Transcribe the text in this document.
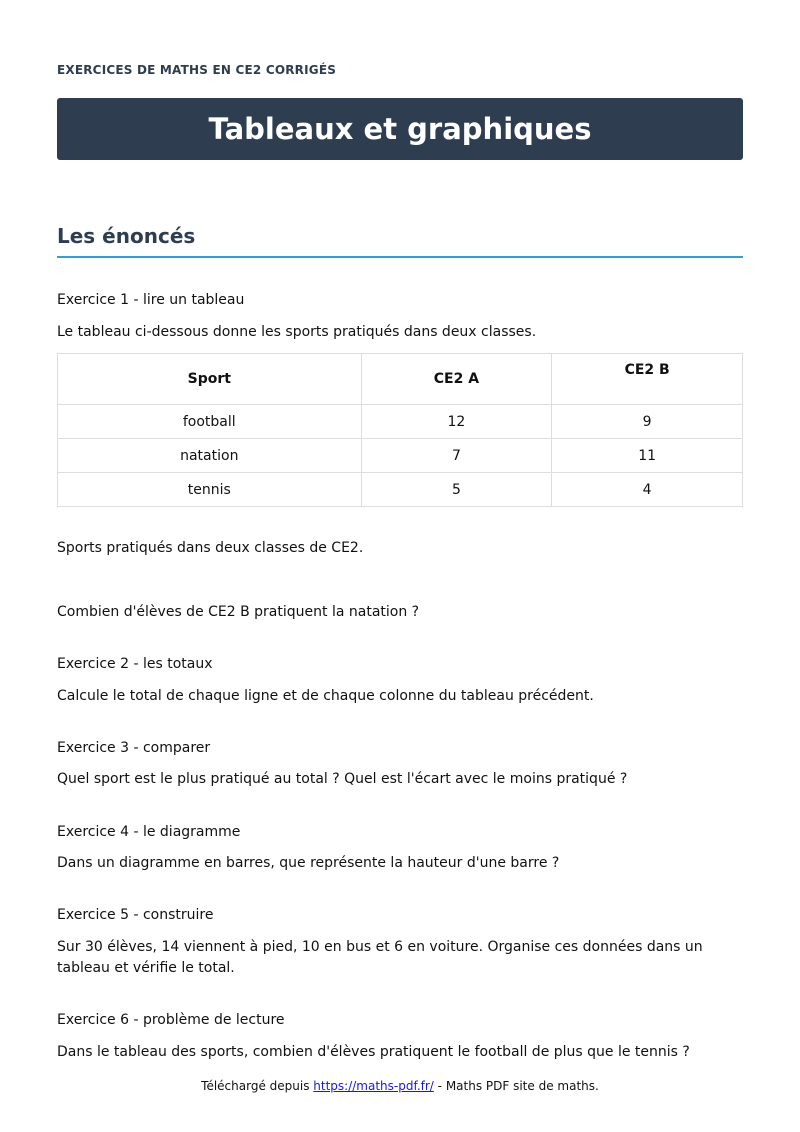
EXERCICES DE MATHS EN CE2 CORRIGÉS
Tableaux et graphiques
Les énoncés
Exercice 1 - lire un tableau
Le tableau ci-dessous donne les sports pratiqués dans deux classes.
Sport	CE2 A	CE2 B
football	12	9
natation	7	11
tennis	5	4
Sports pratiqués dans deux classes de CE2.
Combien d'élèves de CE2 B pratiquent la natation ?
Exercice 2 - les totaux
Calcule le total de chaque ligne et de chaque colonne du tableau précédent.
Exercice 3 - comparer
Quel sport est le plus pratiqué au total ? Quel est l'écart avec le moins pratiqué ?
Exercice 4 - le diagramme
Dans un diagramme en barres, que représente la hauteur d'une barre ?
Exercice 5 - construire
Sur 30 élèves, 14 viennent à pied, 10 en bus et 6 en voiture. Organise ces données dans un
tableau et vérifie le total.
Exercice 6 - problème de lecture
Dans le tableau des sports, combien d'élèves pratiquent le football de plus que le tennis ?
Téléchargé depuis https://maths-pdf.fr/ - Maths PDF site de maths.
